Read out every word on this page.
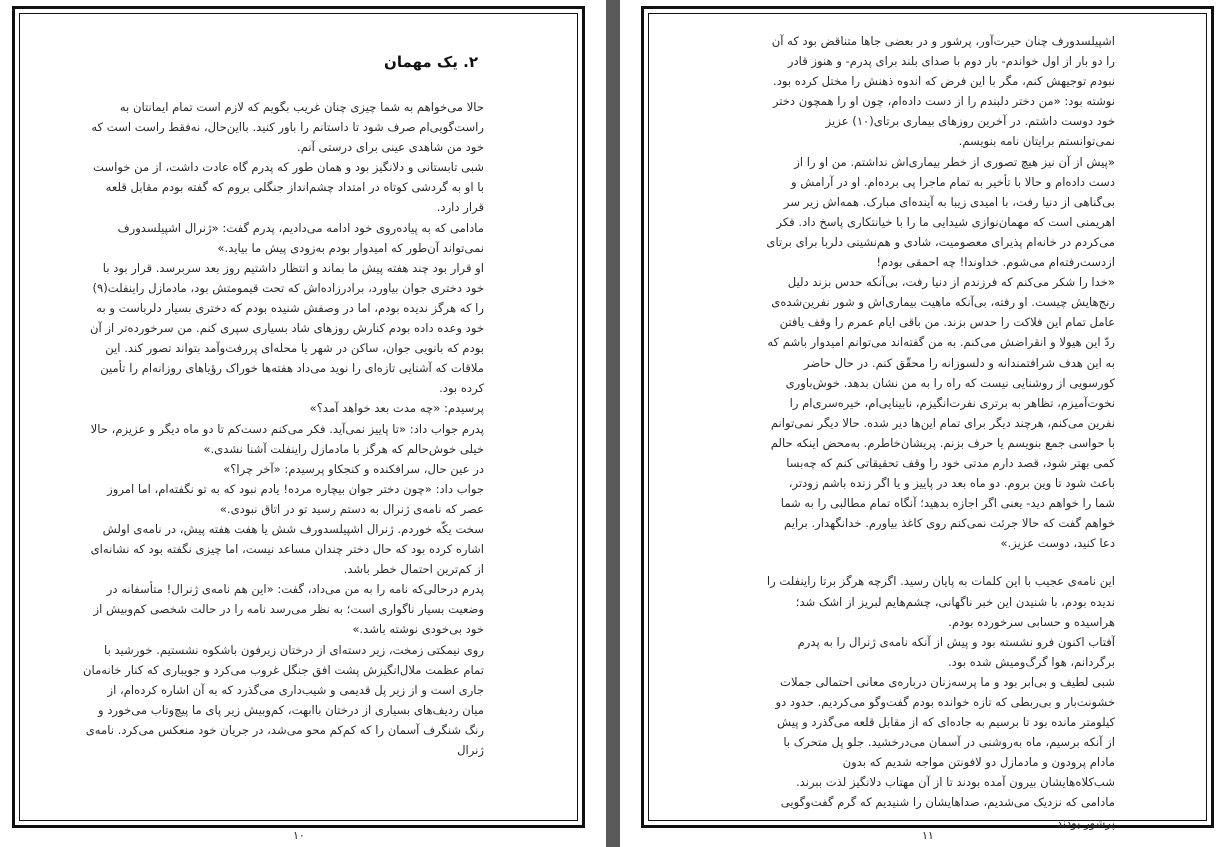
۲. یک مهمان

حالا می‌خواهم به شما چیزی چنان غریب بگویم که لازم است تمام ایمانتان به راست‌گویی‌ام صرف شود تا داستانم را باور کنید. بااین‌حال، نه‌فقط راست است که خود من شاهدی عینی برای درستی آنم.

شبی تابستانی و دلانگیز بود و همان طور که پدرم گاه عادت داشت، از من خواست با او به گردشی کوتاه در امتداد چشم‌انداز جنگلی بروم که گفته بودم مقابل قلعه قرار دارد.

مادامی که به پیاده‌روی خود ادامه می‌دادیم، پدرم گفت: «ژنرال اشپیلسدورف نمی‌تواند آن‌طور که امیدوار بودم به‌زودی پیش ما بیاید.»

او قرار بود چند هفته پیش ما بماند و انتظار داشتیم روز بعد سربرسد. قرار بود با خود دختری جوان بیاورد، برادرزاده‌اش که تحت قیمومتش بود، مادمازل راینفلت(۹) را که هرگز ندیده بودم، اما در وصفش شنیده بودم که دختری بسیار دلرباست و به خود وعده داده بودم کنارش روزهای شاد بسیاری سپری کنم. من سرخورده‌تر از آن بودم که بانویی جوان، ساکن در شهر یا محله‌ای پررفت‌وآمد بتواند تصور کند. این ملاقات که آشنایی تازه‌ای را نوید می‌داد هفته‌ها خوراک رؤیاهای روزانه‌ام را تأمین کرده بود.

پرسیدم: «چه مدت بعد خواهد آمد؟»

پدرم جواب داد: «تا پاییز نمی‌آید. فکر می‌کنم دست‌کم تا دو ماه دیگر و عزیزم، حالا خیلی خوش‌حالم که هرگز با مادمازل راینفلت آشنا نشدی.»

در عین حال، سرافکنده و کنجکاو پرسیدم: «آخر چرا؟»

جواب داد: «چون دختر جوان بیچاره مرده! یادم نبود که به تو نگفته‌ام، اما امروز عصر که نامه‌ی ژنرال به دستم رسید تو در اتاق نبودی.»

سخت یکّه خوردم. ژنرال اشپیلسدورف شش یا هفت هفته پیش، در نامه‌ی اولش اشاره کرده بود که حال دختر چندان مساعد نیست، اما چیزی نگفته بود که نشانه‌ای از کم‌ترین احتمال خطر باشد.

پدرم درحالی‌که نامه را به من می‌داد، گفت: «این هم نامه‌ی ژنرال! متأسفانه در وضعیت بسیار ناگواری است؛ به نظر می‌رسد نامه را در حالت شخصی کم‌وبیش از خود بی‌خودی نوشته باشد.»

روی نیمکتی زمخت، زیر دسته‌ای از درختان زیرفون باشکوه نشستیم. خورشید با تمام عظمت ملال‌انگیزش پشت افق جنگل غروب می‌کرد و جویباری که کنار خانه‌مان جاری است و از زیر پل قدیمی و شیب‌داری می‌گذرد که به آن اشاره کرده‌ام، از میان ردیف‌های بسیاری از درختان باابهت، کم‌وبیش زیر پای ما پیچ‌وتاب می‌خورد و رنگ شنگرف آسمان را که کم‌کم محو می‌شد، در جریان خود منعکس می‌کرد. نامه‌ی ژنرال

۱۰

اشپیلسدورف چنان حیرت‌آور، پرشور و در بعضی جاها متناقض بود که آن را دو بار از اول خواندم- بار دوم با صدای بلند برای پدرم- و هنوز قادر نبودم توجیهش کنم، مگر با این فرض که اندوه ذهنش را مختل کرده بود.

نوشته بود: «من دختر دلبندم را از دست داده‌ام، چون او را همچون دختر خود دوست داشتم. در آخرین روزهای بیماری برتای(۱۰) عزیز نمی‌توانستم برایتان نامه بنویسم.

«پیش از آن نیز هیچ تصوری از خطر بیماری‌اش نداشتم. من او را از دست داده‌ام و حالا با تأخیر به تمام ماجرا پی برده‌ام. او در آرامش و بی‌گناهی از دنیا رفت، با امیدی زیبا به آینده‌ای مبارک. همه‌اش زیر سر اهریمنی است که مهمان‌نوازی شیدایی ما را با خیانتکاری پاسخ داد. فکر می‌کردم در خانه‌ام پذیرای معصومیت، شادی و هم‌نشینی دلربا برای برتای ازدست‌رفته‌ام می‌شوم. خداوندا! چه احمقی بودم!

«خدا را شکر می‌کنم که فرزندم از دنیا رفت، بی‌آنکه حدس بزند دلیل رنج‌هایش چیست. او رفته، بی‌آنکه ماهیت بیماری‌اش و شور نفرین‌شده‌ی عامل تمام این فلاکت را حدس بزند. من باقی ایام عمرم را وقف یافتن ردّ این هیولا و انقراضش می‌کنم. به من گفته‌اند می‌توانم امیدوار باشم که به این هدف شرافتمندانه و دلسوزانه را محقّق کنم. در حال حاضر کورسویی از روشنایی نیست که راه را به من نشان بدهد. خوش‌باوری نخوت‌آمیزم، تظاهر به برتری نفرت‌انگیزم، نابینایی‌ام، خیره‌سری‌ام را نفرین می‌کنم، هرچند دیگر برای تمام این‌ها دیر شده. حالا دیگر نمی‌توانم با حواسی جمع بنویسم یا حرف بزنم. پریشان‌خاطرم. به‌محض اینکه حالم کمی بهتر شود، قصد دارم مدتی خود را وقف تحقیقاتی کنم که چه‌بسا باعث شود تا وین بروم. دو ماه بعد در پاییز و یا اگر زنده باشم زودتر، شما را خواهم دید- یعنی اگر اجازه بدهید؛ آنگاه تمام مطالبی را به شما خواهم گفت که حالا جرئت نمی‌کنم روی کاغذ بیاورم. خدانگهدار. برایم دعا کنید، دوست عزیز.»

این نامه‌ی عجیب با این کلمات به پایان رسید. اگرچه هرگز برتا راینفلت را ندیده بودم، با شنیدن این خبر ناگهانی، چشم‌هایم لبریز از اشک شد؛ هراسیده و حسابی سرخورده بودم.

آفتاب اکنون فرو نشسته بود و پیش از آنکه نامه‌ی ژنرال را به پدرم برگردانم، هوا گرگ‌ومیش شده بود.

شبی لطیف و بی‌ابر بود و ما پرسه‌زنان درباره‌ی معانی احتمالی جملات خشونت‌بار و بی‌ربطی که تازه خوانده بودم گفت‌وگو می‌کردیم. حدود دو کیلومتر مانده بود تا برسیم به جاده‌ای که از مقابل قلعه می‌گذرد و پیش از آنکه برسیم، ماه به‌روشنی در آسمان می‌درخشید. جلو پل متحرک با مادام پرودون و مادمازل دو لافونتن مواجه شدیم که بدون شب‌کلاه‌هایشان بیرون آمده بودند تا از آن مهتاب دلانگیز لذت ببرند.

مادامی که نزدیک می‌شدیم، صداهایشان را شنیدیم که گرم گفت‌وگویی پرشور بودند

۱۱
